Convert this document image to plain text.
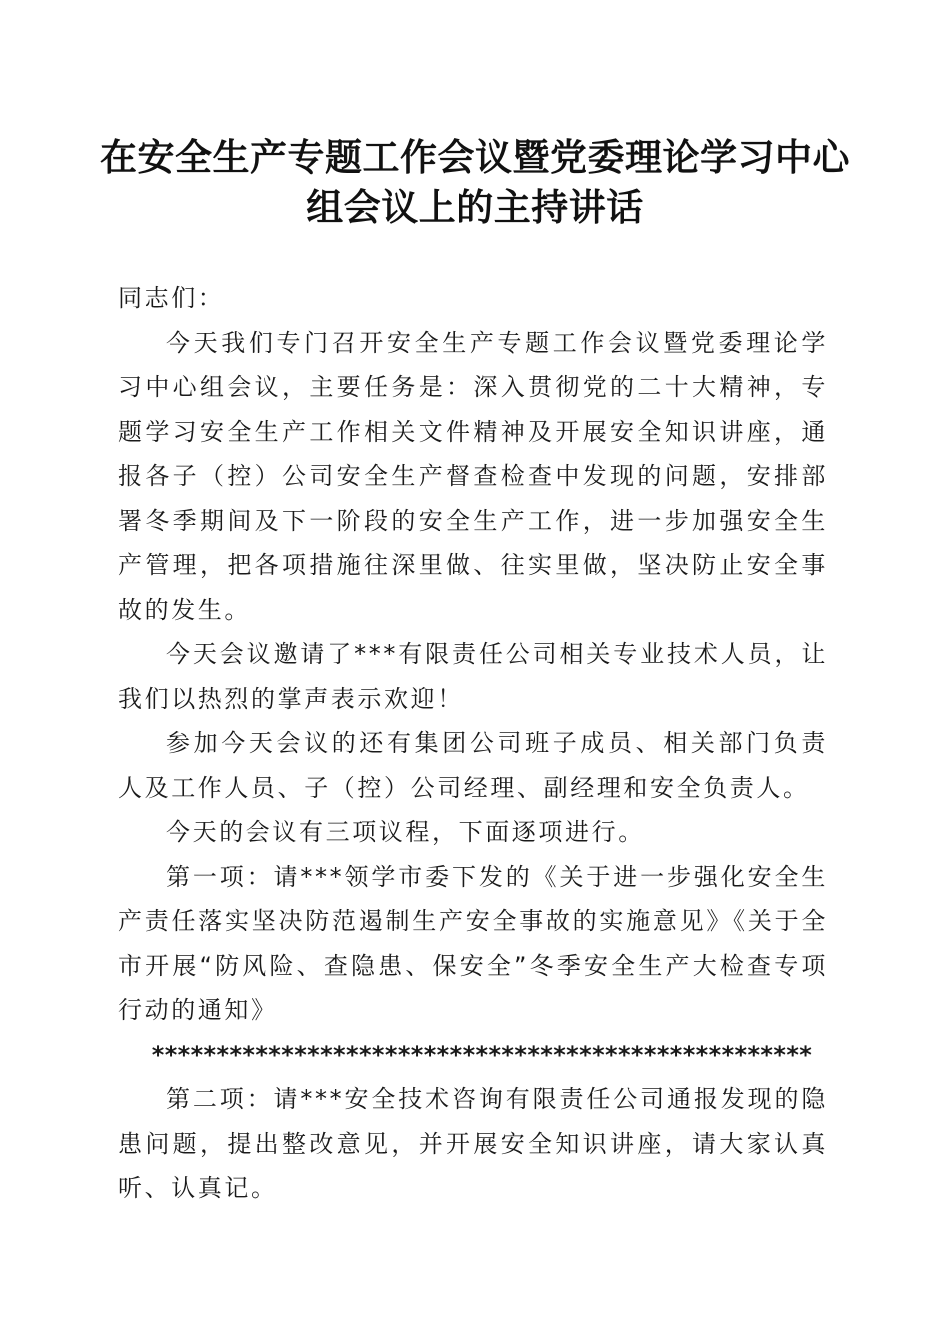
在安全生产专题工作会议暨党委理论学习中心
组会议上的主持讲话

同志们：

今天我们专门召开安全生产专题工作会议暨党委理论学习中心组会议，主要任务是：深入贯彻党的二十大精神，专题学习安全生产工作相关文件精神及开展安全知识讲座，通报各子（控）公司安全生产督查检查中发现的问题，安排部署冬季期间及下一阶段的安全生产工作，进一步加强安全生产管理，把各项措施往深里做、往实里做，坚决防止安全事故的发生。

今天会议邀请了***有限责任公司相关专业技术人员，让我们以热烈的掌声表示欢迎！

参加今天会议的还有集团公司班子成员、相关部门负责人及工作人员、子（控）公司经理、副经理和安全负责人。

今天的会议有三项议程，下面逐项进行。

第一项：请***领学市委下发的《关于进一步强化安全生产责任落实坚决防范遏制生产安全事故的实施意见》《关于全市开展“防风险、查隐患、保安全”冬季安全生产大检查专项行动的通知》

***************************************************

第二项：请***安全技术咨询有限责任公司通报发现的隐患问题，提出整改意见，并开展安全知识讲座，请大家认真听、认真记。
